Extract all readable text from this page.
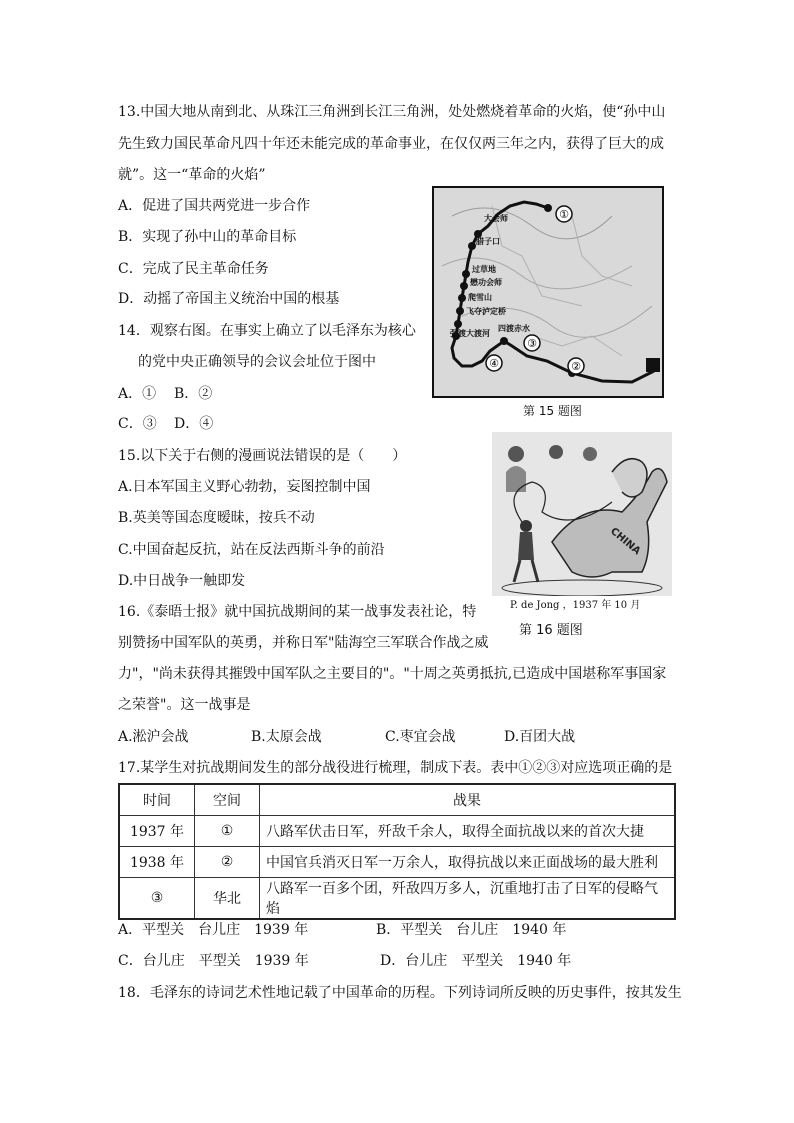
13.中国大地从南到北、从珠江三角洲到长江三角洲，处处燃烧着革命的火焰，使“孙中山
先生致力国民革命凡四十年还未能完成的革命事业，在仅仅两三年之内，获得了巨大的成
就”。这一“革命的火焰”
A．促进了国共两党进一步合作
B．实现了孙中山的革命目标
C．完成了民主革命任务
D．动摇了帝国主义统治中国的根基
14．观察右图。在事实上确立了以毛泽东为核心
的党中央正确领导的会议会址位于图中
A．① B．②
C．③ D．④
大会师
腊子口
过草地
懋功会师
爬雪山
飞夺泸定桥
强渡大渡河
四渡赤水
①
②
③
④
第 15 题图
15.以下关于右侧的漫画说法错误的是（　　）
A.日本军国主义野心勃勃，妄图控制中国
B.英美等国态度暧昧，按兵不动
C.中国奋起反抗，站在反法西斯斗争的前沿
D.中日战争一触即发
CHINA
P. de Jong ，1937 年 10 月
第 16 题图
16.《泰晤士报》就中国抗战期间的某一战事发表社论，特
别赞扬中国军队的英勇，并称日军"陆海空三军联合作战之威
力"，"尚未获得其摧毁中国军队之主要目的"。"十周之英勇抵抗,已造成中国堪称军事国家
之荣誉"。这一战事是
A.淞沪会战	B.太原会战	C.枣宜会战	D.百团大战
17.某学生对抗战期间发生的部分战役进行梳理，制成下表。表中①②③对应选项正确的是
时间	空间	战果
1937 年	①	八路军伏击日军，歼敌千余人，取得全面抗战以来的首次大捷
1938 年	②	中国官兵消灭日军一万余人，取得抗战以来正面战场的最大胜利
③	华北	八路军一百多个团，歼敌四万多人，沉重地打击了日军的侵略气焰
A．平型关　台儿庄　1939 年	B．平型关　台儿庄　1940 年
C．台儿庄　平型关　1939 年	D．台儿庄　平型关　1940 年
18．毛泽东的诗词艺术性地记载了中国革命的历程。下列诗词所反映的历史事件，按其发生
